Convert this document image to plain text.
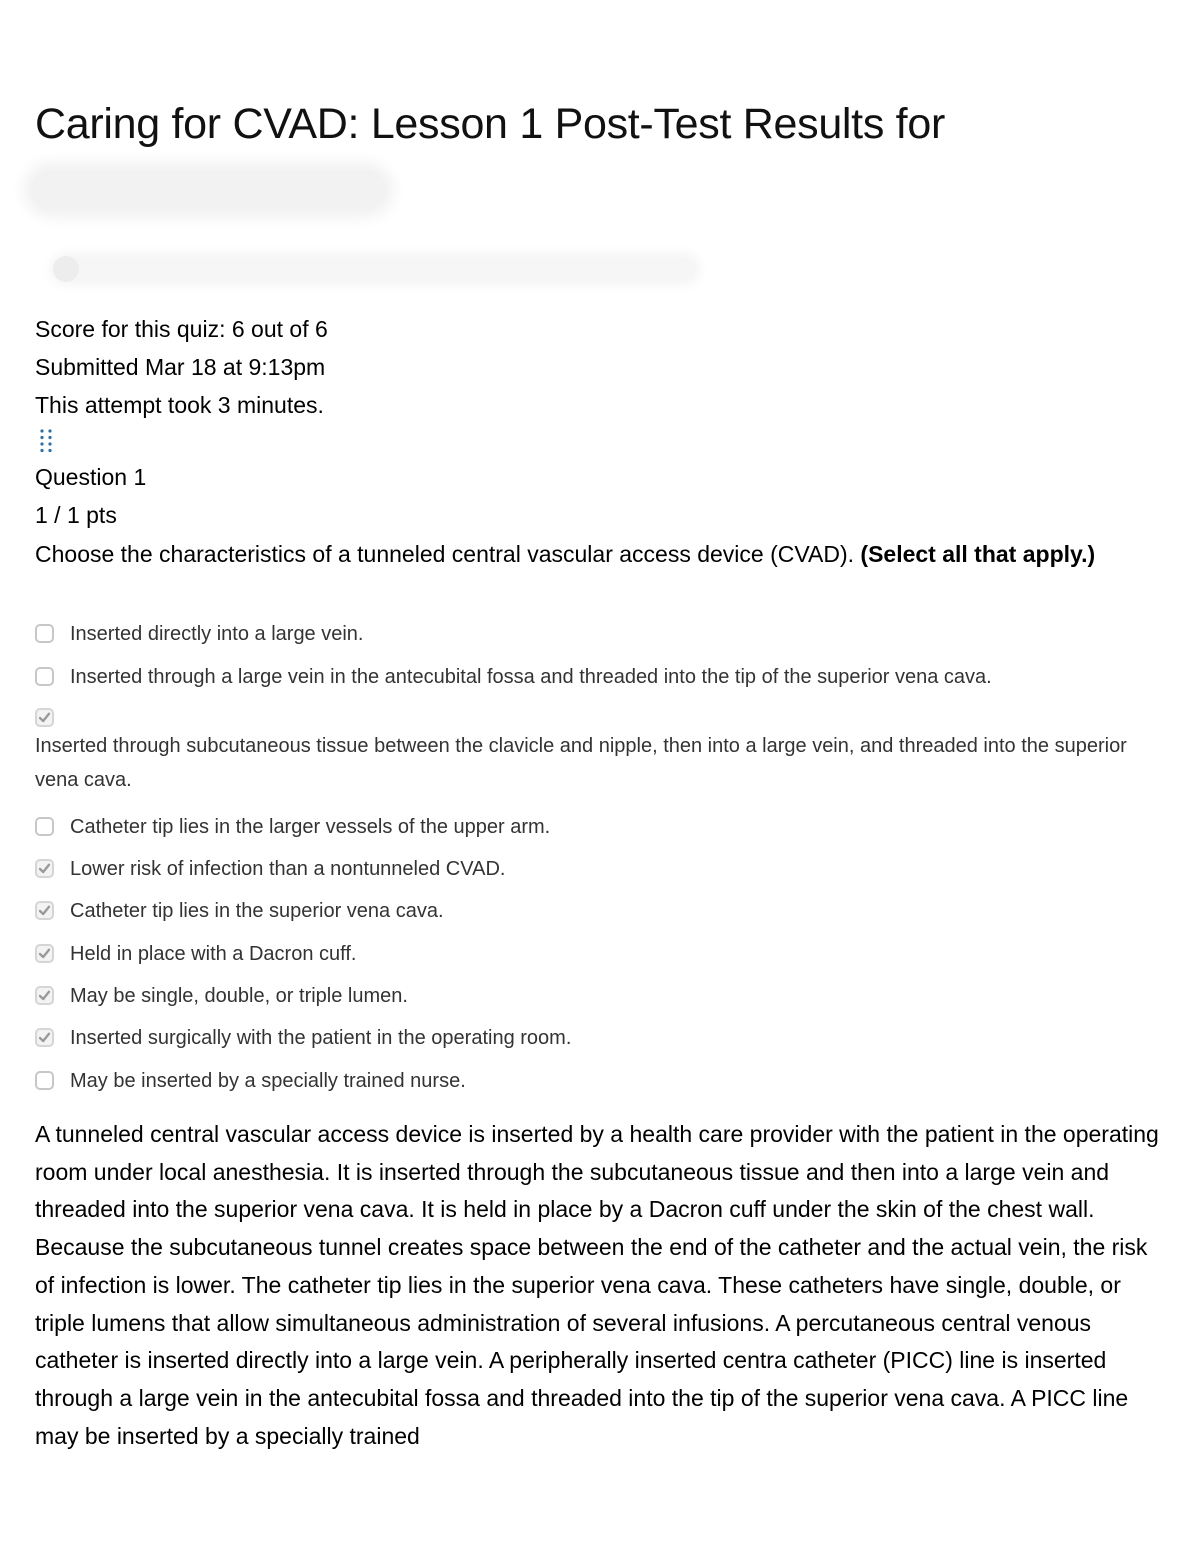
Caring for CVAD: Lesson 1 Post-Test Results for
Score for this quiz: 6 out of 6
Submitted Mar 18 at 9:13pm
This attempt took 3 minutes.
Question 1
1 / 1 pts
Choose the characteristics of a tunneled central vascular access device (CVAD). (Select all that apply.)
Inserted directly into a large vein.
Inserted through a large vein in the antecubital fossa and threaded into the tip of the superior vena cava.
Inserted through subcutaneous tissue between the clavicle and nipple, then into a large vein, and threaded into the superior vena cava.
Catheter tip lies in the larger vessels of the upper arm.
Lower risk of infection than a nontunneled CVAD.
Catheter tip lies in the superior vena cava.
Held in place with a Dacron cuff.
May be single, double, or triple lumen.
Inserted surgically with the patient in the operating room.
May be inserted by a specially trained nurse.
A tunneled central vascular access device is inserted by a health care provider with the patient in the operating room under local anesthesia. It is inserted through the subcutaneous tissue and then into a large vein and threaded into the superior vena cava. It is held in place by a Dacron cuff under the skin of the chest wall. Because the subcutaneous tunnel creates space between the end of the catheter and the actual vein, the risk of infection is lower. The catheter tip lies in the superior vena cava. These catheters have single, double, or triple lumens that allow simultaneous administration of several infusions. A percutaneous central venous catheter is inserted directly into a large vein. A peripherally inserted centra catheter (PICC) line is inserted through a large vein in the antecubital fossa and threaded into the tip of the superior vena cava. A PICC line may be inserted by a specially trained
